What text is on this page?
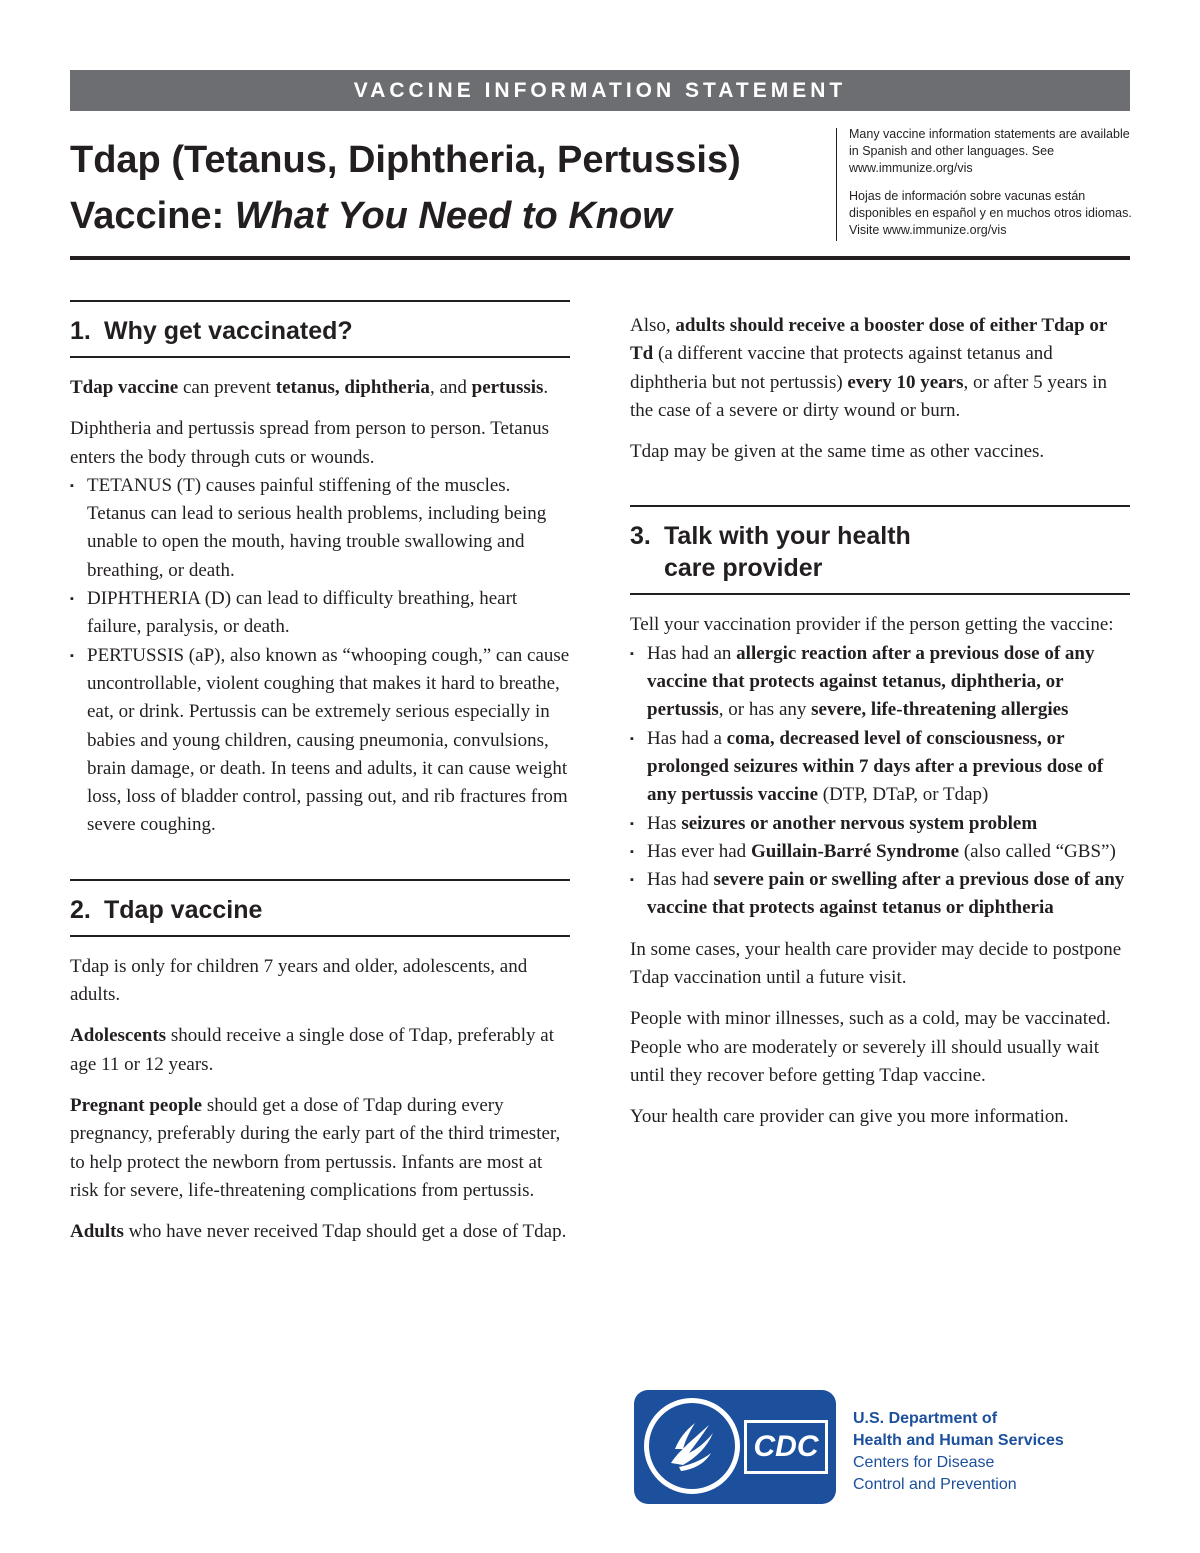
VACCINE INFORMATION STATEMENT
Tdap (Tetanus, Diphtheria, Pertussis)
Vaccine: What You Need to Know

Many vaccine information statements are available in Spanish and other languages. See www.immunize.org/vis

Hojas de información sobre vacunas están disponibles en español y en muchos otros idiomas. Visite www.immunize.org/vis

1. Why get vaccinated?

Tdap vaccine can prevent tetanus, diphtheria, and pertussis.

Diphtheria and pertussis spread from person to person. Tetanus enters the body through cuts or wounds.

▪ TETANUS (T) causes painful stiffening of the muscles. Tetanus can lead to serious health problems, including being unable to open the mouth, having trouble swallowing and breathing, or death.
▪ DIPHTHERIA (D) can lead to difficulty breathing, heart failure, paralysis, or death.
▪ PERTUSSIS (aP), also known as “whooping cough,” can cause uncontrollable, violent coughing that makes it hard to breathe, eat, or drink. Pertussis can be extremely serious especially in babies and young children, causing pneumonia, convulsions, brain damage, or death. In teens and adults, it can cause weight loss, loss of bladder control, passing out, and rib fractures from severe coughing.
2. Tdap vaccine

Tdap is only for children 7 years and older, adolescents, and adults.

Adolescents should receive a single dose of Tdap, preferably at age 11 or 12 years.

Pregnant people should get a dose of Tdap during every pregnancy, preferably during the early part of the third trimester, to help protect the newborn from pertussis. Infants are most at risk for severe, life-threatening complications from pertussis.

Adults who have never received Tdap should get a dose of Tdap.

Also, adults should receive a booster dose of either Tdap or Td (a different vaccine that protects against tetanus and diphtheria but not pertussis) every 10 years, or after 5 years in the case of a severe or dirty wound or burn.

Tdap may be given at the same time as other vaccines.

3. Talk with your health
care provider

Tell your vaccination provider if the person getting the vaccine:

▪ Has had an allergic reaction after a previous dose of any vaccine that protects against tetanus, diphtheria, or pertussis, or has any severe, life-threatening allergies
▪ Has had a coma, decreased level of consciousness, or prolonged seizures within 7 days after a previous dose of any pertussis vaccine (DTP, DTaP, or Tdap)
▪ Has seizures or another nervous system problem
▪ Has ever had Guillain-Barré Syndrome (also called “GBS”)
▪ Has had severe pain or swelling after a previous dose of any vaccine that protects against tetanus or diphtheria

In some cases, your health care provider may decide to postpone Tdap vaccination until a future visit.

People with minor illnesses, such as a cold, may be vaccinated. People who are moderately or severely ill should usually wait until they recover before getting Tdap vaccine.

Your health care provider can give you more information.

CDC
U.S. Department of
Health and Human Services
Centers for Disease
Control and Prevention
